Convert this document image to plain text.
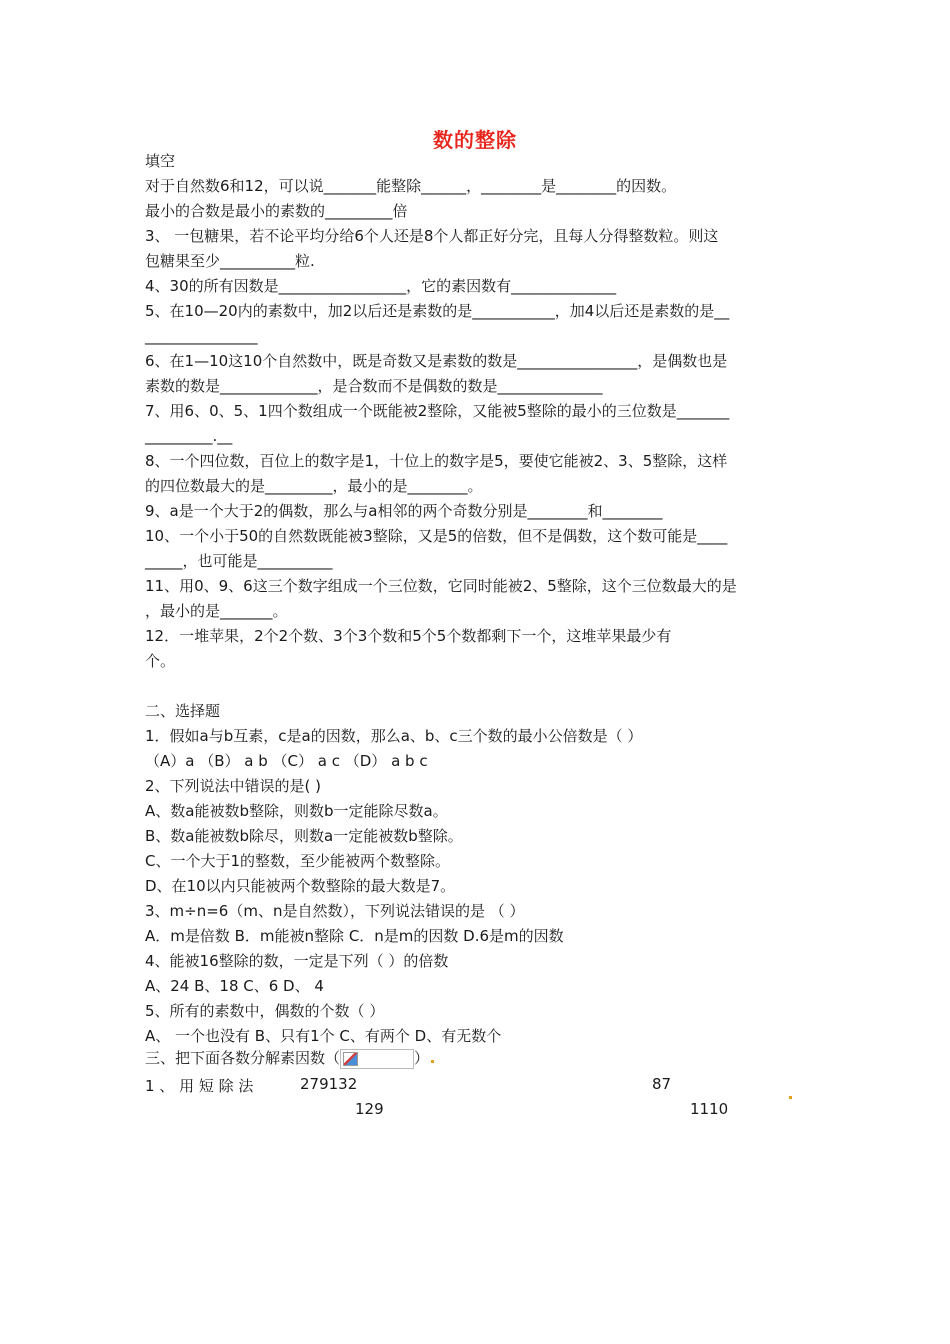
数的整除
填空
对于自然数6和12，可以说_______能整除______，________是________的因数。
最小的合数是最小的素数的_________倍
3、 一包糖果，若不论平均分给6个人还是8个人都正好分完，且每人分得整数粒。则这
包糖果至少__________粒.
4、30的所有因数是_________________，它的素因数有______________
5、在10—20内的素数中，加2以后还是素数的是___________，加4以后还是素数的是__
_______________
6、在1—10这10个自然数中，既是奇数又是素数的数是________________，是偶数也是
素数的数是_____________，是合数而不是偶数的数是______________
7、用6、0、5、1四个数组成一个既能被2整除，又能被5整除的最小的三位数是_______
_________.__
8、一个四位数，百位上的数字是1，十位上的数字是5，要使它能被2、3、5整除，这样
的四位数最大的是_________，最小的是________。
9、a是一个大于2的偶数，那么与a相邻的两个奇数分别是________和________
10、一个小于50的自然数既能被3整除，又是5的倍数，但不是偶数，这个数可能是____
_____，也可能是__________
11、用0、9、6这三个数字组成一个三位数，它同时能被2、5整除，这个三位数最大的是
，最小的是_______。
12．一堆苹果，2个2个数、3个3个数和5个5个数都剩下一个，这堆苹果最少有
个。
二、选择题
1．假如a与b互素，c是a的因数，那么a、b、c三个数的最小公倍数是（ ）
（A）a （B） a b （C） a c （D） a b c
2、下列说法中错误的是( )
A、数a能被数b整除，则数b一定能除尽数a。
B、数a能被数b除尽，则数a一定能被数b整除。
C、一个大于1的整数，至少能被两个数整除。
D、在10以内只能被两个数整除的最大数是7。
3、m÷n=6（m、n是自然数），下列说法错误的是 （ ）
A．m是倍数 B．m能被n整除 C．n是m的因数 D.6是m的因数
4、能被16整除的数，一定是下列（ ）的倍数
A、24 B、18 C、6 D、 4
5、所有的素数中，偶数的个数（ ）
A、 一个也没有 B、只有1个 C、有两个 D、有无数个
三、把下面各数分解素因数（	）
1 、 用 短 除 法	279132	87
129	1110
